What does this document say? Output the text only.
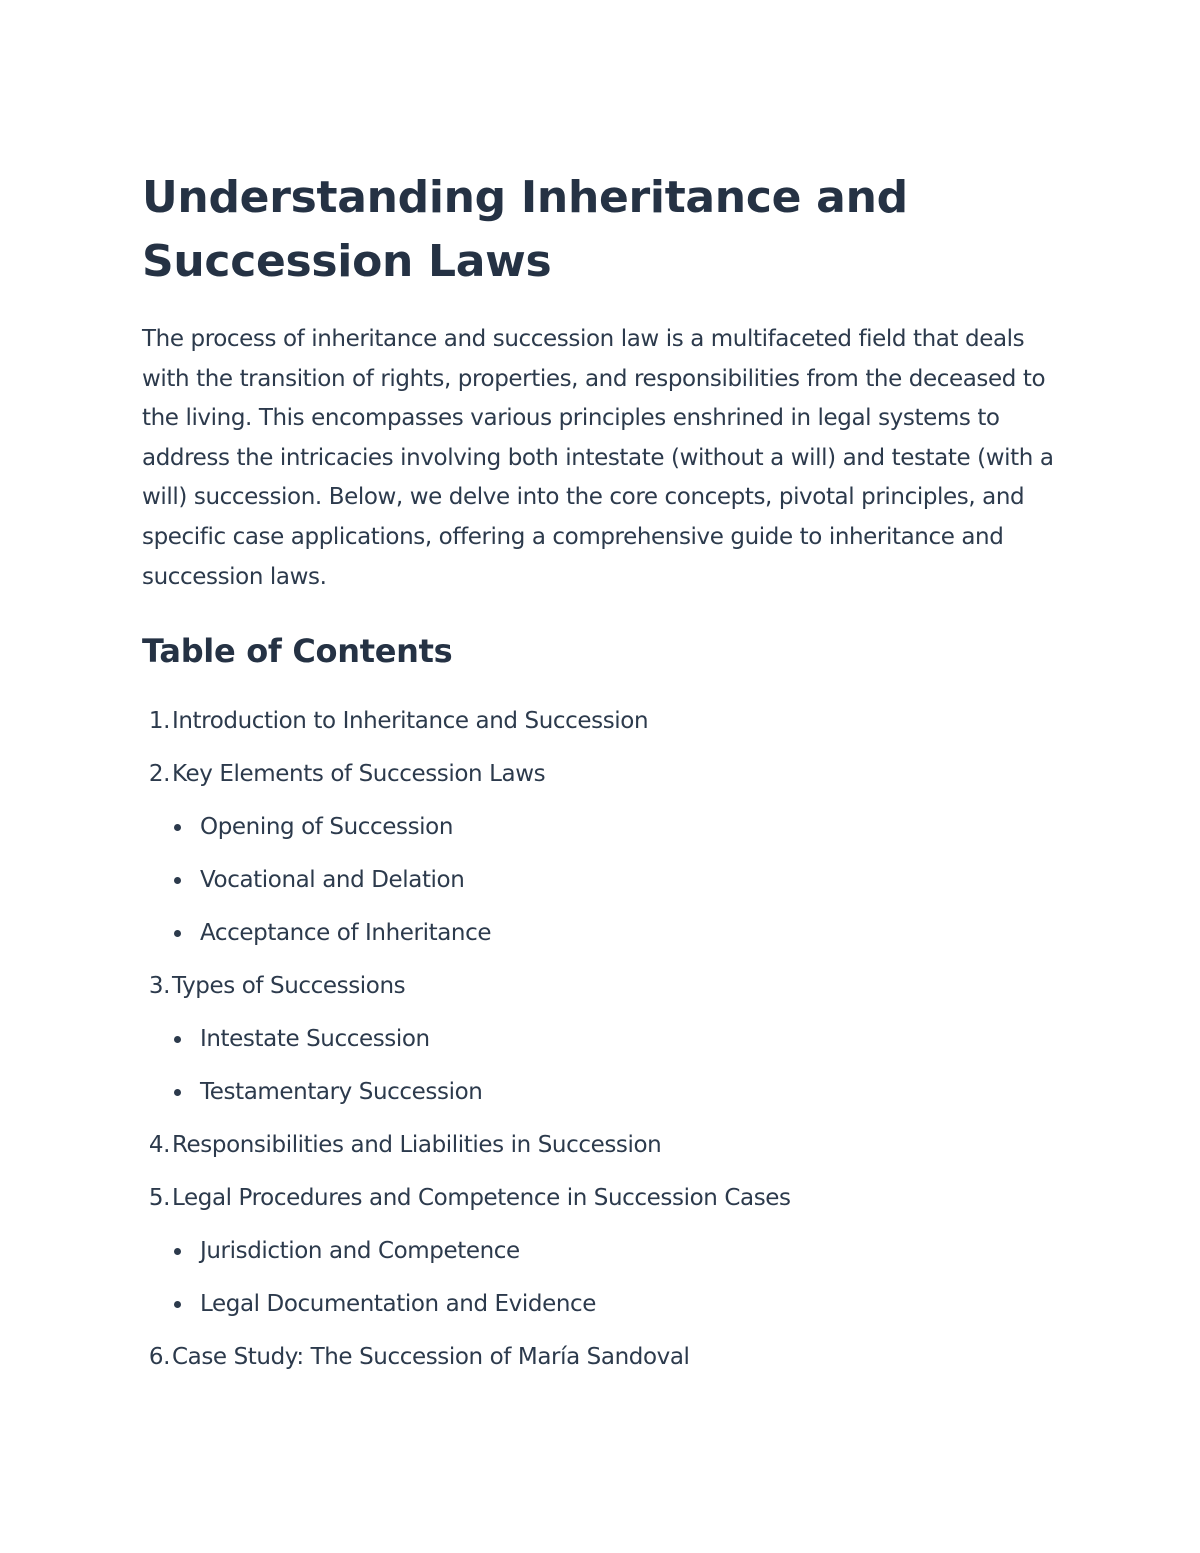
Understanding Inheritance and Succession Laws

The process of inheritance and succession law is a multifaceted field that deals with the transition of rights, properties, and responsibilities from the deceased to the living. This encompasses various principles enshrined in legal systems to address the intricacies involving both intestate (without a will) and testate (with a will) succession. Below, we delve into the core concepts, pivotal principles, and specific case applications, offering a comprehensive guide to inheritance and succession laws.

Table of Contents
1.Introduction to Inheritance and Succession
2.Key Elements of Succession Laws
Opening of Succession
Vocational and Delation
Acceptance of Inheritance
3.Types of Successions
Intestate Succession
Testamentary Succession
4.Responsibilities and Liabilities in Succession
5.Legal Procedures and Competence in Succession Cases
Jurisdiction and Competence
Legal Documentation and Evidence
6.Case Study: The Succession of María Sandoval
